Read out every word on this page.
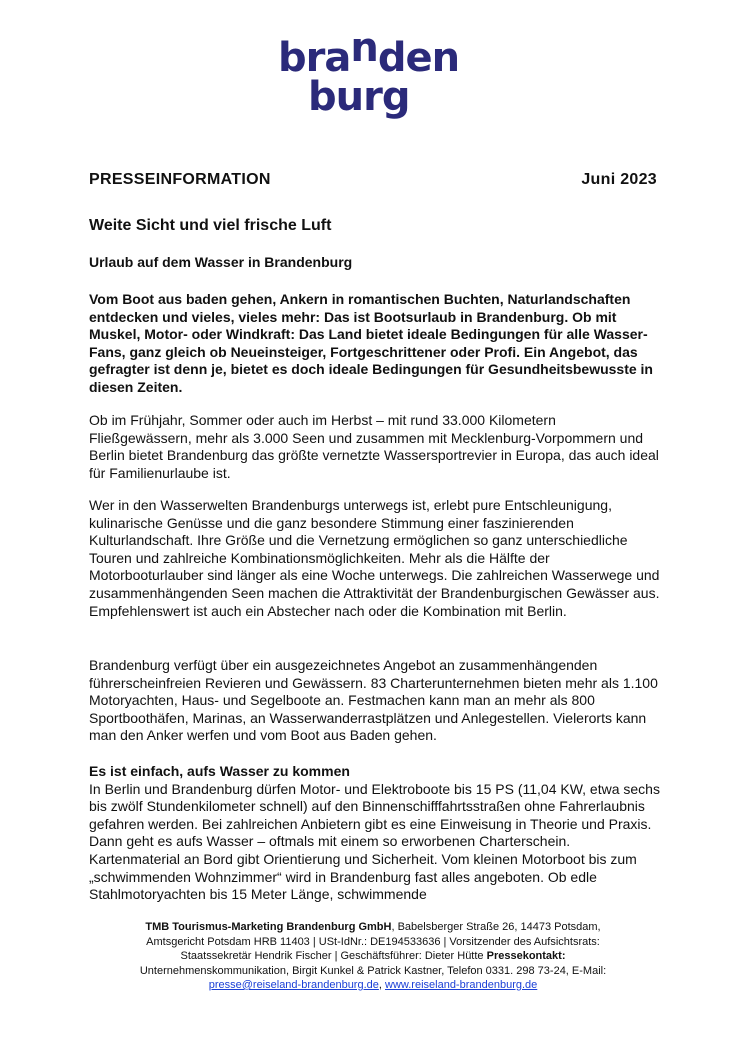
branden
burg
PRESSEINFORMATION	Juni 2023
Weite Sicht und viel frische Luft
Urlaub auf dem Wasser in Brandenburg
Vom Boot aus baden gehen, Ankern in romantischen Buchten, Naturlandschaften entdecken und vieles, vieles mehr: Das ist Bootsurlaub in Brandenburg. Ob mit Muskel, Motor- oder Windkraft: Das Land bietet ideale Bedingungen für alle Wasser-Fans, ganz gleich ob Neueinsteiger, Fortgeschrittener oder Profi. Ein Angebot, das gefragter ist denn je, bietet es doch ideale Bedingungen für Gesundheitsbewusste in diesen Zeiten.
Ob im Frühjahr, Sommer oder auch im Herbst – mit rund 33.000 Kilometern Fließgewässern, mehr als 3.000 Seen und zusammen mit Mecklenburg-Vorpommern und Berlin bietet Brandenburg das größte vernetzte Wassersportrevier in Europa, das auch ideal für Familienurlaube ist.
Wer in den Wasserwelten Brandenburgs unterwegs ist, erlebt pure Entschleunigung, kulinarische Genüsse und die ganz besondere Stimmung einer faszinierenden Kulturlandschaft. Ihre Größe und die Vernetzung ermöglichen so ganz unterschiedliche Touren und zahlreiche Kombinationsmöglichkeiten. Mehr als die Hälfte der Motorbooturlauber sind länger als eine Woche unterwegs. Die zahlreichen Wasserwege und zusammenhängenden Seen machen die Attraktivität der Brandenburgischen Gewässer aus. Empfehlenswert ist auch ein Abstecher nach oder die Kombination mit Berlin.
Brandenburg verfügt über ein ausgezeichnetes Angebot an zusammenhängenden führerscheinfreien Revieren und Gewässern. 83 Charterunternehmen bieten mehr als 1.100 Motoryachten, Haus- und Segelboote an. Festmachen kann man an mehr als 800 Sportboothäfen, Marinas, an Wasserwanderrastplätzen und Anlegestellen. Vielerorts kann man den Anker werfen und vom Boot aus Baden gehen.
Es ist einfach, aufs Wasser zu kommen
In Berlin und Brandenburg dürfen Motor- und Elektroboote bis 15 PS (11,04 KW, etwa sechs bis zwölf Stundenkilometer schnell) auf den Binnenschifffahrtsstraßen ohne Fahrerlaubnis gefahren werden. Bei zahlreichen Anbietern gibt es eine Einweisung in Theorie und Praxis. Dann geht es aufs Wasser – oftmals mit einem so erworbenen Charterschein. Kartenmaterial an Bord gibt Orientierung und Sicherheit. Vom kleinen Motorboot bis zum „schwimmenden Wohnzimmer“ wird in Brandenburg fast alles angeboten. Ob edle Stahlmotoryachten bis 15 Meter Länge, schwimmende
TMB Tourismus-Marketing Brandenburg GmbH, Babelsberger Straße 26, 14473 Potsdam,
Amtsgericht Potsdam HRB 11403 | USt-IdNr.: DE194533636 | Vorsitzender des Aufsichtsrats:
Staatssekretär Hendrik Fischer | Geschäftsführer: Dieter Hütte Pressekontakt:
Unternehmenskommunikation, Birgit Kunkel & Patrick Kastner, Telefon 0331. 298 73-24, E-Mail:
presse@reiseland-brandenburg.de, www.reiseland-brandenburg.de
